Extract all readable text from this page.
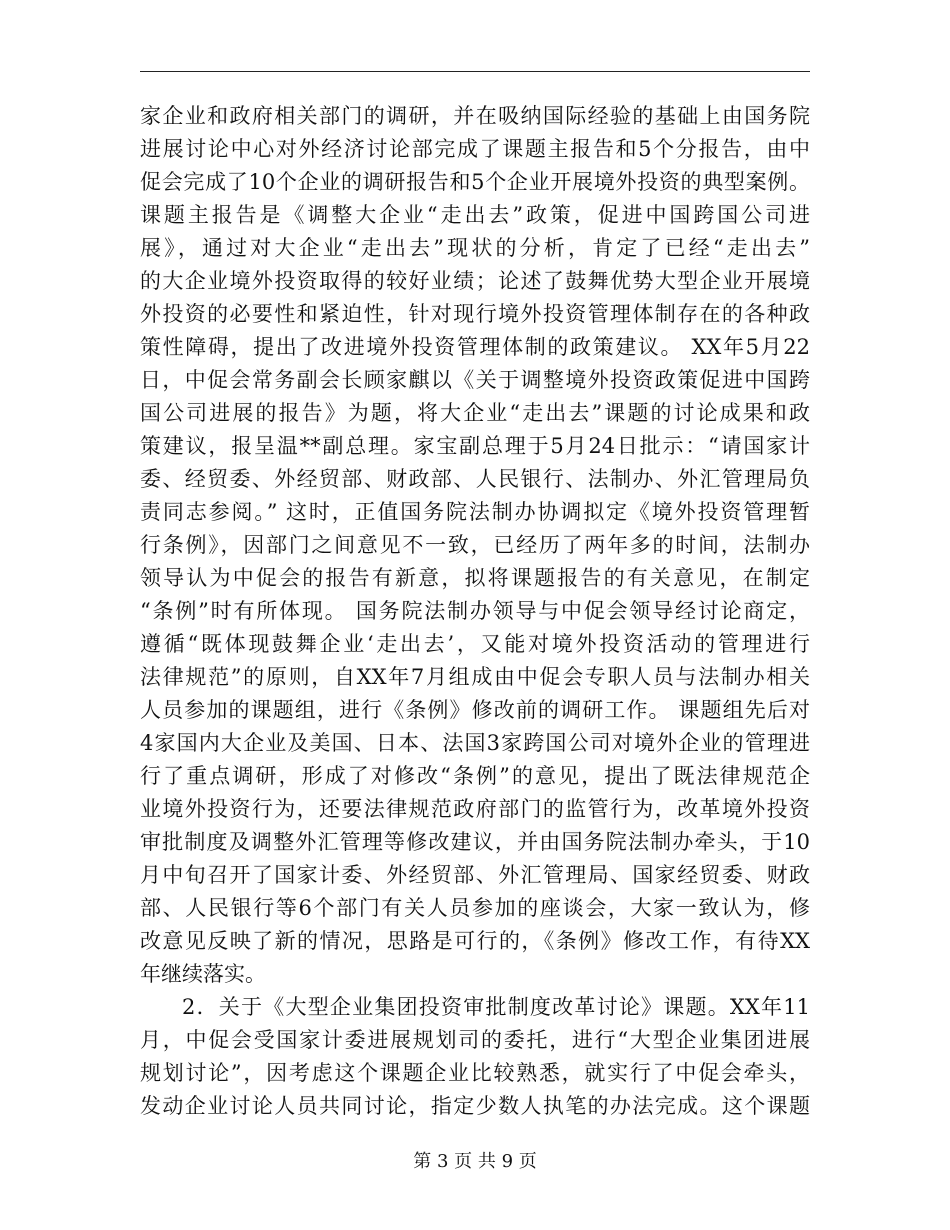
家企业和政府相关部门的调研，并在吸纳国际经验的基础上由国务院
进展讨论中心对外经济讨论部完成了课题主报告和5个分报告，由中
促会完成了10个企业的调研报告和5个企业开展境外投资的典型案例。
课题主报告是《调整大企业“走出去”政策，促进中国跨国公司进
展》，通过对大企业“走出去”现状的分析，肯定了已经“走出去”
的大企业境外投资取得的较好业绩；论述了鼓舞优势大型企业开展境
外投资的必要性和紧迫性，针对现行境外投资管理体制存在的各种政
策性障碍，提出了改进境外投资管理体制的政策建议。 XX年5月22
日，中促会常务副会长顾家麒以《关于调整境外投资政策促进中国跨
国公司进展的报告》为题，将大企业“走出去”课题的讨论成果和政
策建议，报呈温**副总理。家宝副总理于5月24日批示：“请国家计
委、经贸委、外经贸部、财政部、人民银行、法制办、外汇管理局负
责同志参阅。” 这时，正值国务院法制办协调拟定《境外投资管理暂
行条例》，因部门之间意见不一致，已经历了两年多的时间，法制办
领导认为中促会的报告有新意，拟将课题报告的有关意见，在制定
“条例”时有所体现。 国务院法制办领导与中促会领导经讨论商定，
遵循“既体现鼓舞企业‘走出去’，又能对境外投资活动的管理进行
法律规范”的原则，自XX年7月组成由中促会专职人员与法制办相关
人员参加的课题组，进行《条例》修改前的调研工作。 课题组先后对
4家国内大企业及美国、日本、法国3家跨国公司对境外企业的管理进
行了重点调研，形成了对修改“条例”的意见，提出了既法律规范企
业境外投资行为，还要法律规范政府部门的监管行为，改革境外投资
审批制度及调整外汇管理等修改建议，并由国务院法制办牵头，于10
月中旬召开了国家计委、外经贸部、外汇管理局、国家经贸委、财政
部、人民银行等6个部门有关人员参加的座谈会，大家一致认为，修
改意见反映了新的情况，思路是可行的，《条例》修改工作，有待XX
年继续落实。
2．关于《大型企业集团投资审批制度改革讨论》课题。XX年11
月，中促会受国家计委进展规划司的委托，进行“大型企业集团进展
规划讨论”，因考虑这个课题企业比较熟悉，就实行了中促会牵头，
发动企业讨论人员共同讨论，指定少数人执笔的办法完成。这个课题
第 3 页 共 9 页
